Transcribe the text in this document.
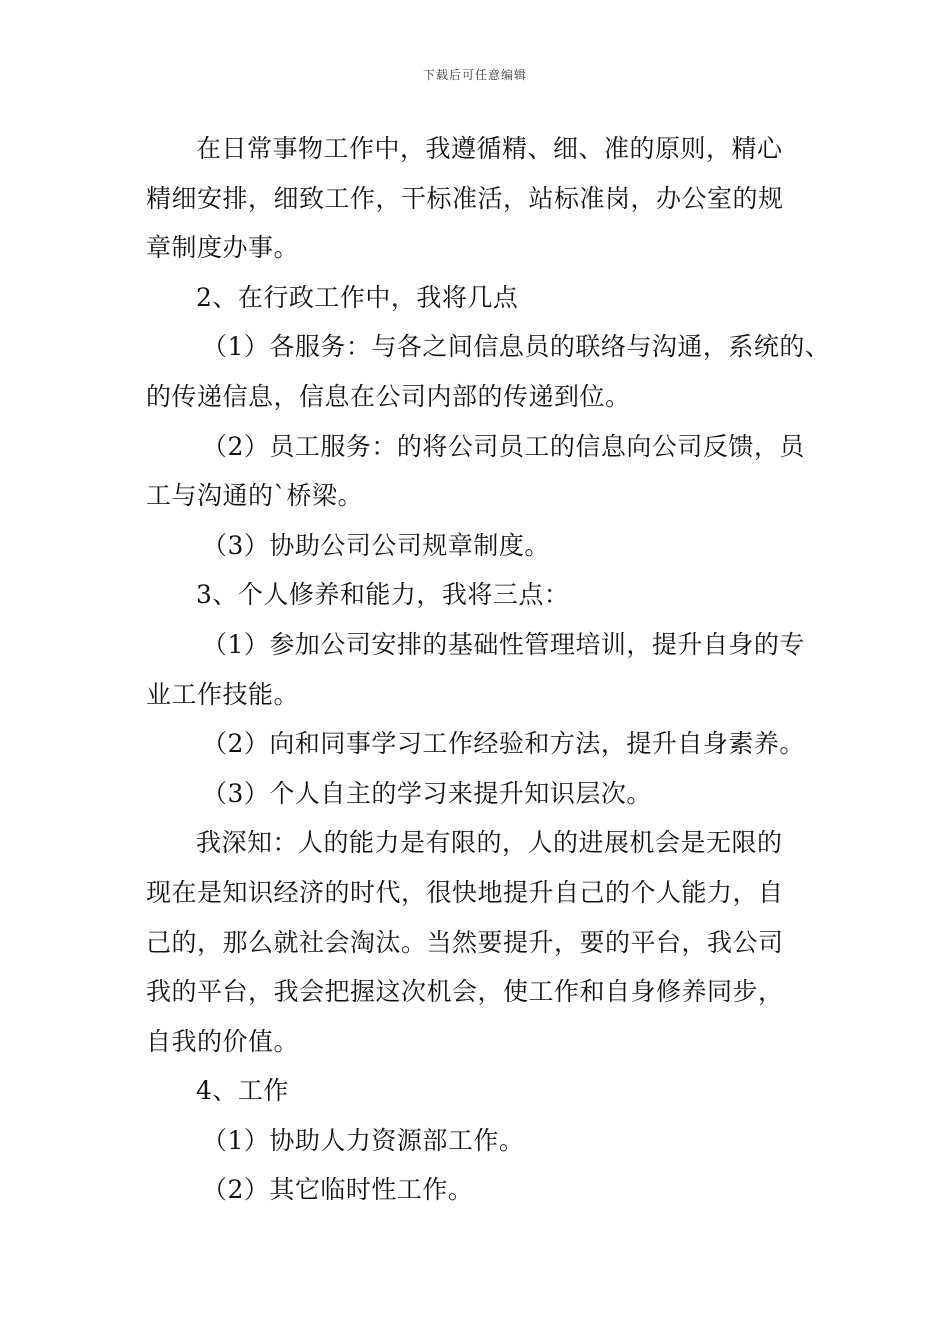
下载后可任意编辑

在日常事物工作中，我遵循精、细、准的原则，精心

精细安排，细致工作，干标准活，站标准岗，办公室的规

章制度办事。

2、在行政工作中，我将几点

（1）各服务：与各之间信息员的联络与沟通，系统的、

的传递信息，信息在公司内部的传递到位。

（2）员工服务：的将公司员工的信息向公司反馈，员

工与沟通的`桥梁。

（3）协助公司公司规章制度。

3、个人修养和能力，我将三点：

（1）参加公司安排的基础性管理培训，提升自身的专

业工作技能。

（2）向和同事学习工作经验和方法，提升自身素养。

（3）个人自主的学习来提升知识层次。

我深知：人的能力是有限的，人的进展机会是无限的

现在是知识经济的时代，很快地提升自己的个人能力，自

己的，那么就社会淘汰。当然要提升，要的平台，我公司

我的平台，我会把握这次机会，使工作和自身修养同步，

自我的价值。

4、工作

（1）协助人力资源部工作。

（2）其它临时性工作。
